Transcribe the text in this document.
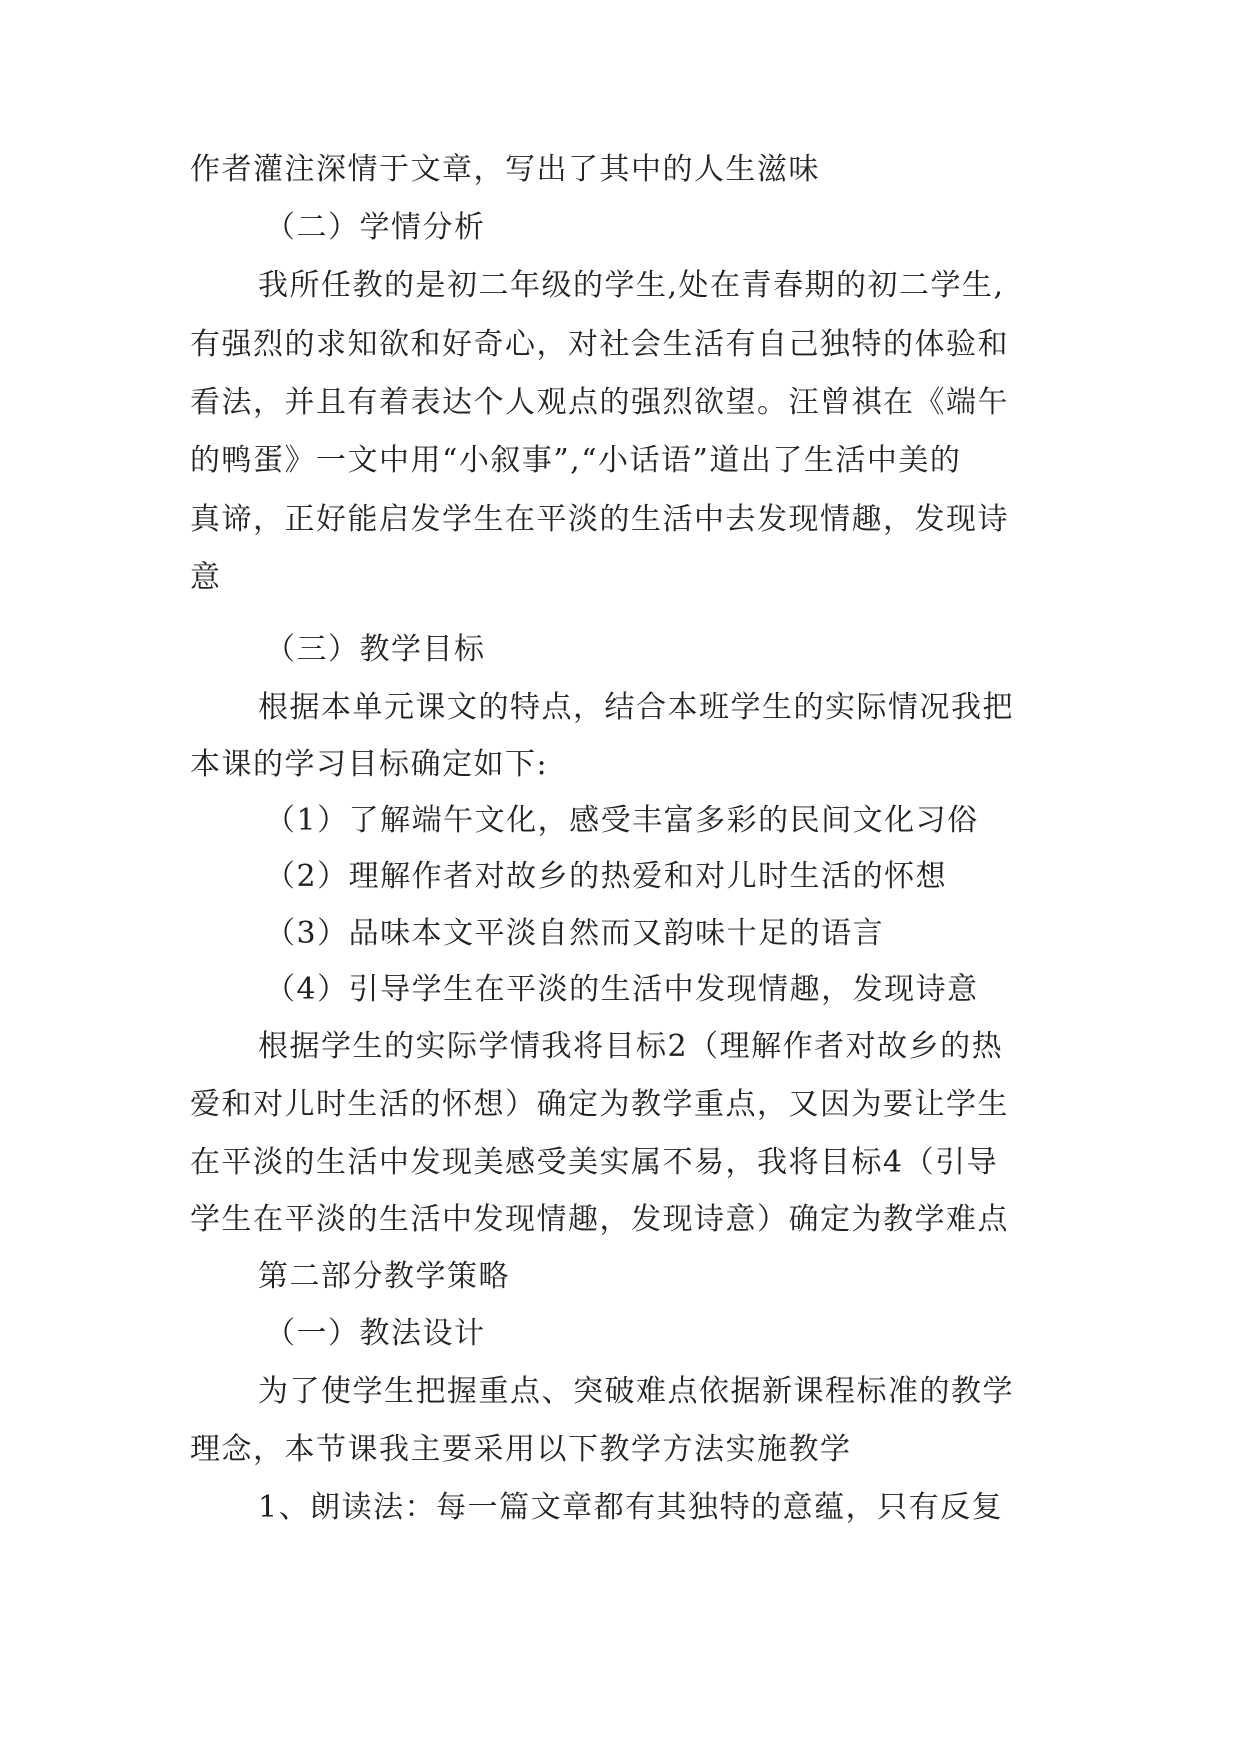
作者灌注深情于文章，写出了其中的人生滋味
（二）学情分析
我所任教的是初二年级的学生,处在青春期的初二学生,
有强烈的求知欲和好奇心，对社会生活有自己独特的体验和
看法，并且有着表达个人观点的强烈欲望。汪曾祺在《端午
的鸭蛋》一文中用“小叙事”,“小话语”道出了生活中美的
真谛，正好能启发学生在平淡的生活中去发现情趣，发现诗
意
（三）教学目标
根据本单元课文的特点，结合本班学生的实际情况我把
本课的学习目标确定如下:
（1）了解端午文化，感受丰富多彩的民间文化习俗
（2）理解作者对故乡的热爱和对儿时生活的怀想
（3）品味本文平淡自然而又韵味十足的语言
（4）引导学生在平淡的生活中发现情趣，发现诗意
根据学生的实际学情我将目标2（理解作者对故乡的热
爱和对儿时生活的怀想）确定为教学重点，又因为要让学生
在平淡的生活中发现美感受美实属不易，我将目标4（引导
学生在平淡的生活中发现情趣，发现诗意）确定为教学难点
第二部分教学策略
（一）教法设计
为了使学生把握重点、突破难点依据新课程标准的教学
理念，本节课我主要采用以下教学方法实施教学
1、朗读法：每一篇文章都有其独特的意蕴，只有反复
